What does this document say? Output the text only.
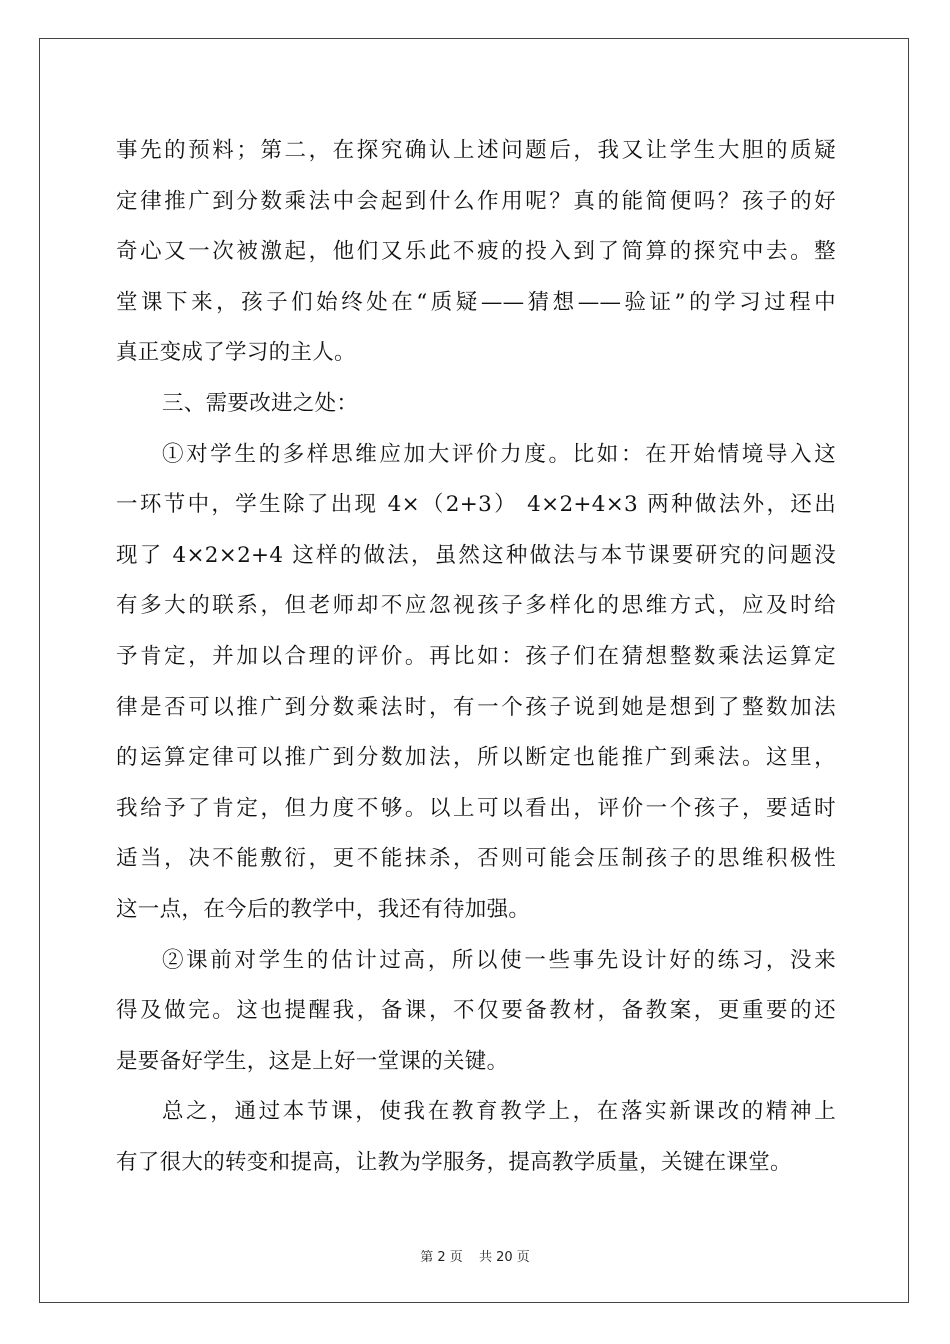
事先的预料；第二，在探究确认上述问题后，我又让学生大胆的质疑
定律推广到分数乘法中会起到什么作用呢？真的能简便吗？孩子的好
奇心又一次被激起，他们又乐此不疲的投入到了简算的探究中去。整
堂课下来，孩子们始终处在“质疑——猜想——验证”的学习过程中
真正变成了学习的主人。
三、需要改进之处：
①对学生的多样思维应加大评价力度。比如：在开始情境导入这
一环节中，学生除了出现 4×（2+3） 4×2+4×3 两种做法外，还出
现了 4×2×2+4 这样的做法，虽然这种做法与本节课要研究的问题没
有多大的联系，但老师却不应忽视孩子多样化的思维方式，应及时给
予肯定，并加以合理的评价。再比如：孩子们在猜想整数乘法运算定
律是否可以推广到分数乘法时，有一个孩子说到她是想到了整数加法
的运算定律可以推广到分数加法，所以断定也能推广到乘法。这里，
我给予了肯定，但力度不够。以上可以看出，评价一个孩子，要适时
适当，决不能敷衍，更不能抹杀，否则可能会压制孩子的思维积极性
这一点，在今后的教学中，我还有待加强。
②课前对学生的估计过高，所以使一些事先设计好的练习，没来
得及做完。这也提醒我，备课，不仅要备教材，备教案，更重要的还
是要备好学生，这是上好一堂课的关键。
总之，通过本节课，使我在教育教学上，在落实新课改的精神上
有了很大的转变和提高，让教为学服务，提高教学质量，关键在课堂。
第 2 页 共 20 页
